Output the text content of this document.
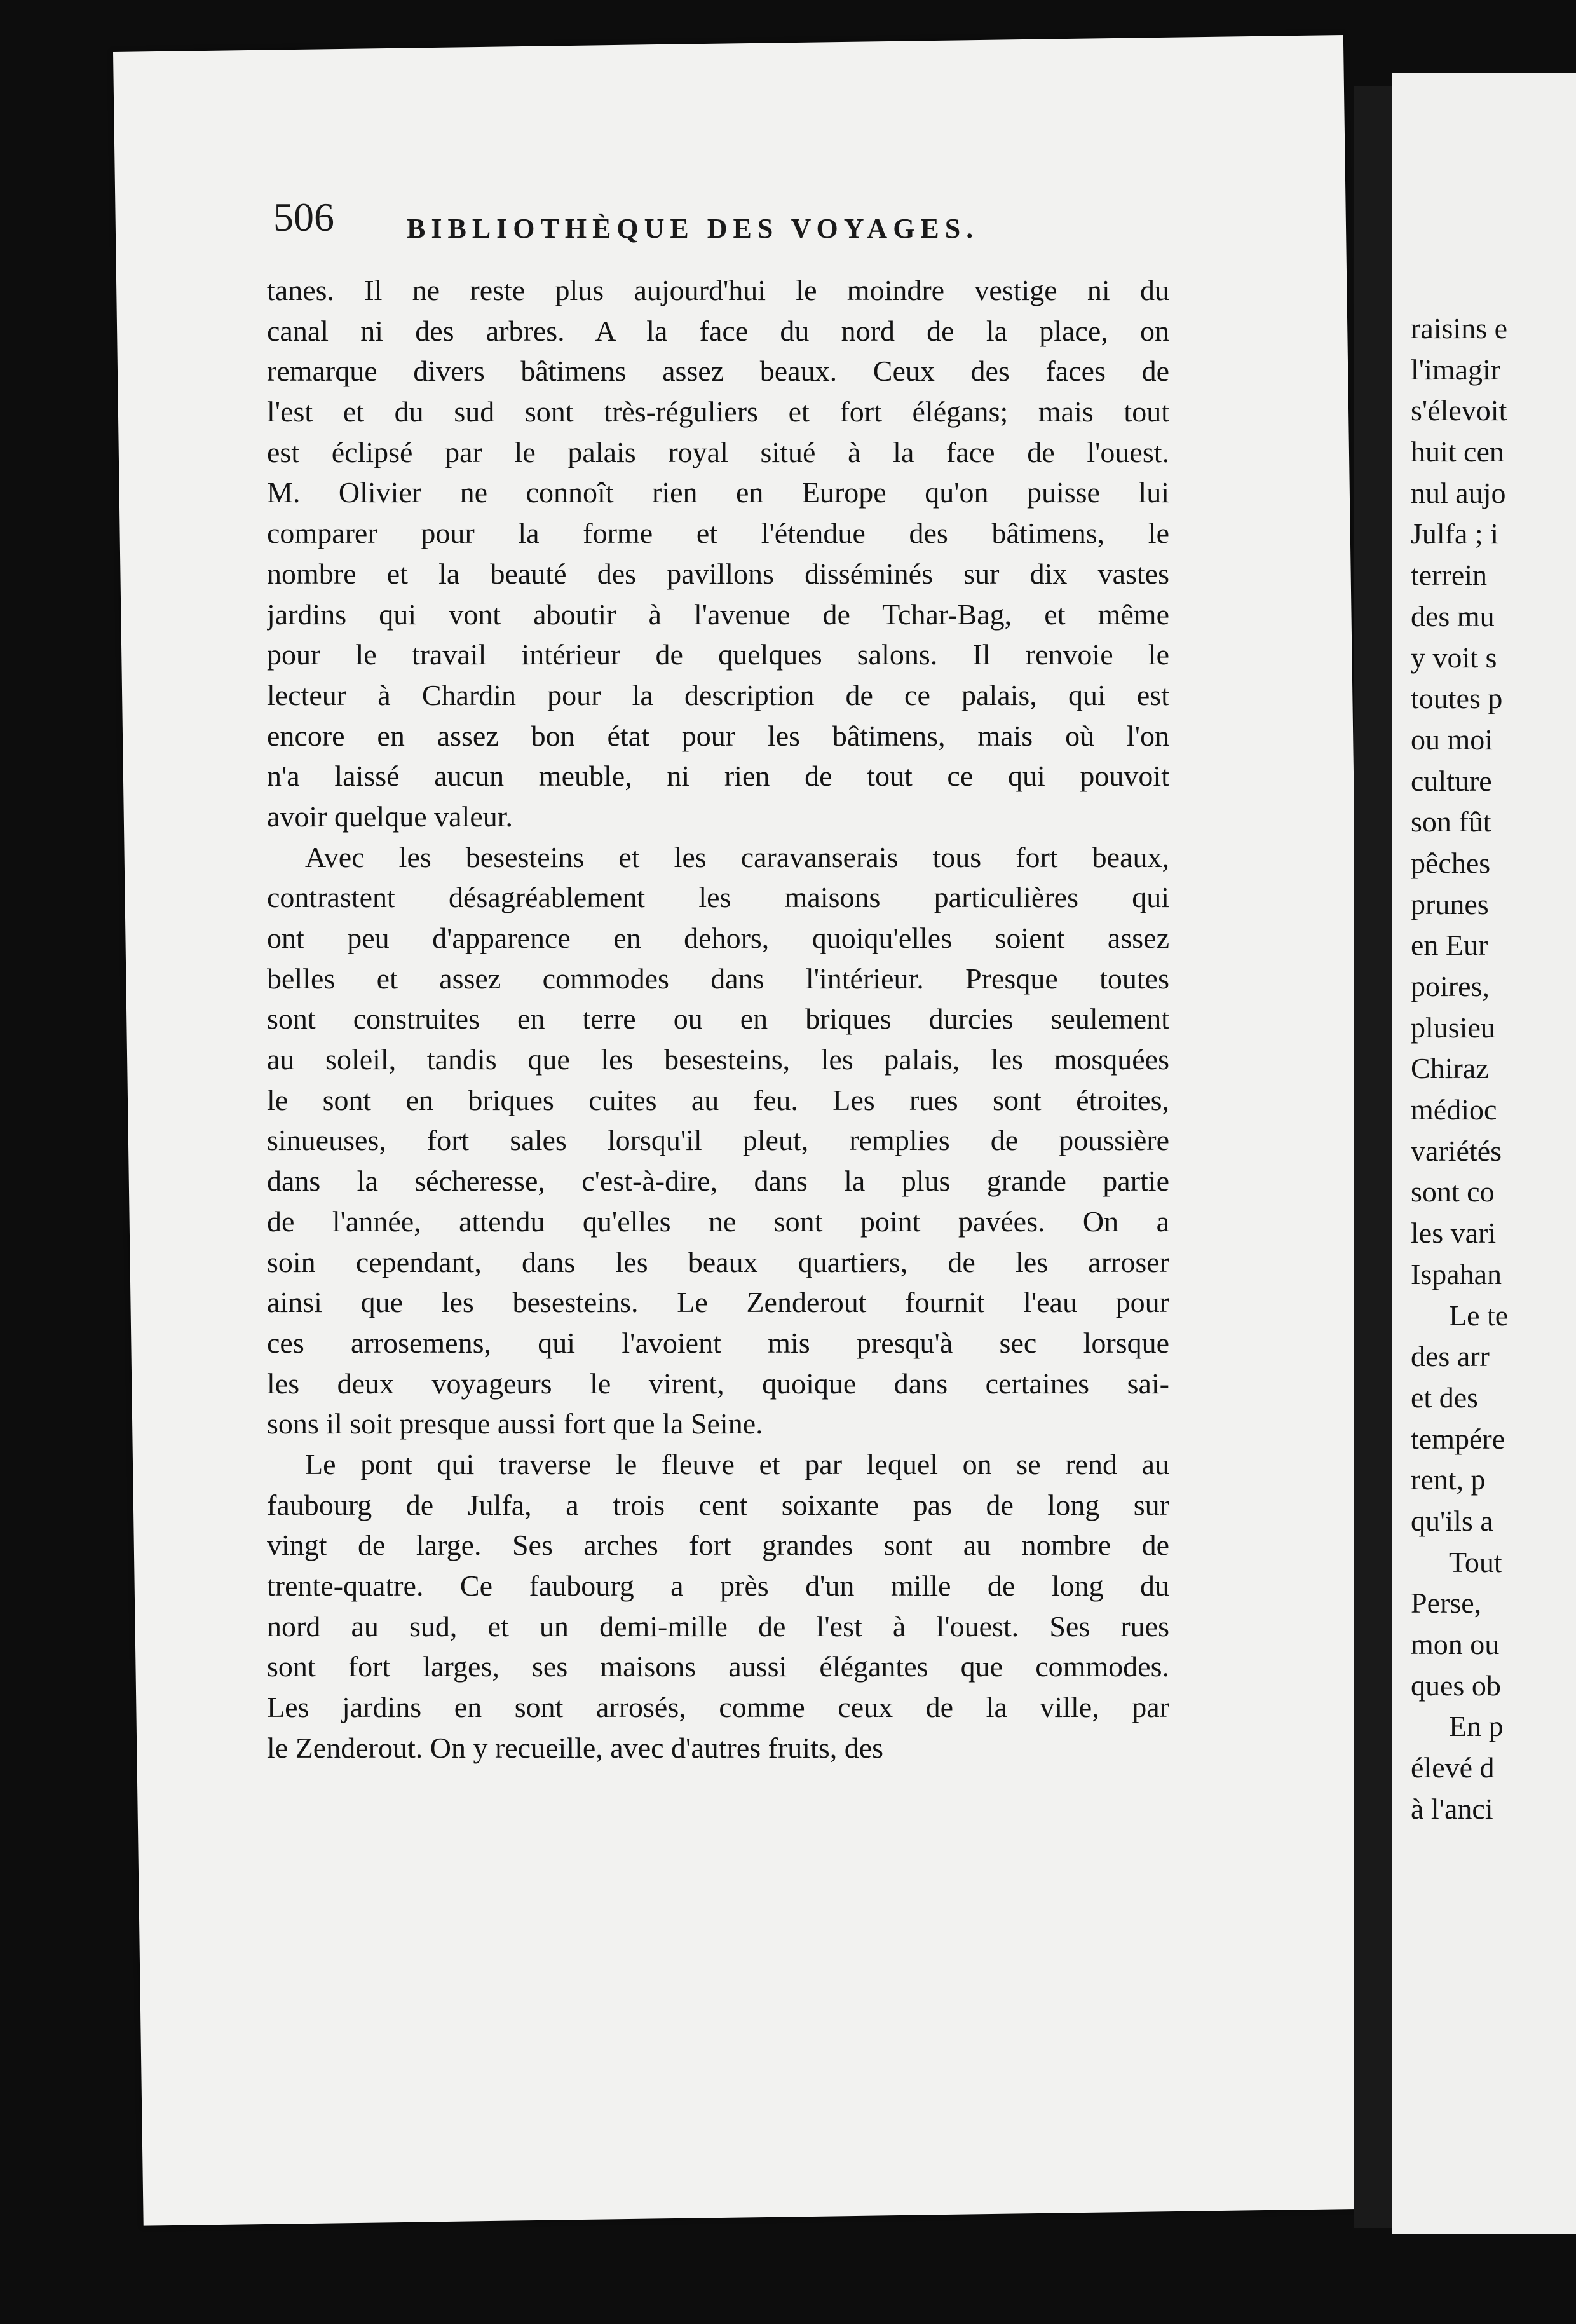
raisins e
l'imagir
s'élevoit
huit cen
nul aujo
Julfa ; i
terrein
des mu
y voit s
toutes p
ou moi
culture
son fût
pêches
prunes
en Eur
poires,
plusieu
Chiraz
médioc
variétés
sont co
les vari
Ispahan
Le te
des arr
et des
tempére
rent, p
qu'ils a
Tout
Perse,
mon ou
ques ob
En p
élevé d
à l'anci
506	BIBLIOTHÈQUE DES VOYAGES.
tanes. Il ne reste plus aujourd'hui le moindre vestige ni du
canal ni des arbres. A la face du nord de la place, on
remarque divers bâtimens assez beaux. Ceux des faces de
l'est et du sud sont très-réguliers et fort élégans; mais tout
est éclipsé par le palais royal situé à la face de l'ouest.
M. Olivier ne connoît rien en Europe qu'on puisse lui
comparer pour la forme et l'étendue des bâtimens, le
nombre et la beauté des pavillons disséminés sur dix vastes
jardins qui vont aboutir à l'avenue de Tchar-Bag, et même
pour le travail intérieur de quelques salons. Il renvoie le
lecteur à Chardin pour la description de ce palais, qui est
encore en assez bon état pour les bâtimens, mais où l'on
n'a laissé aucun meuble, ni rien de tout ce qui pouvoit
avoir quelque valeur.
Avec les besesteins et les caravanserais tous fort beaux,
contrastent désagréablement les maisons particulières qui
ont peu d'apparence en dehors, quoiqu'elles soient assez
belles et assez commodes dans l'intérieur. Presque toutes
sont construites en terre ou en briques durcies seulement
au soleil, tandis que les besesteins, les palais, les mosquées
le sont en briques cuites au feu. Les rues sont étroites,
sinueuses, fort sales lorsqu'il pleut, remplies de poussière
dans la sécheresse, c'est-à-dire, dans la plus grande partie
de l'année, attendu qu'elles ne sont point pavées. On a
soin cependant, dans les beaux quartiers, de les arroser
ainsi que les besesteins. Le Zenderout fournit l'eau pour
ces arrosemens, qui l'avoient mis presqu'à sec lorsque
les deux voyageurs le virent, quoique dans certaines sai-
sons il soit presque aussi fort que la Seine.
Le pont qui traverse le fleuve et par lequel on se rend au
faubourg de Julfa, a trois cent soixante pas de long sur
vingt de large. Ses arches fort grandes sont au nombre de
trente-quatre. Ce faubourg a près d'un mille de long du
nord au sud, et un demi-mille de l'est à l'ouest. Ses rues
sont fort larges, ses maisons aussi élégantes que commodes.
Les jardins en sont arrosés, comme ceux de la ville, par
le Zenderout. On y recueille, avec d'autres fruits, des
